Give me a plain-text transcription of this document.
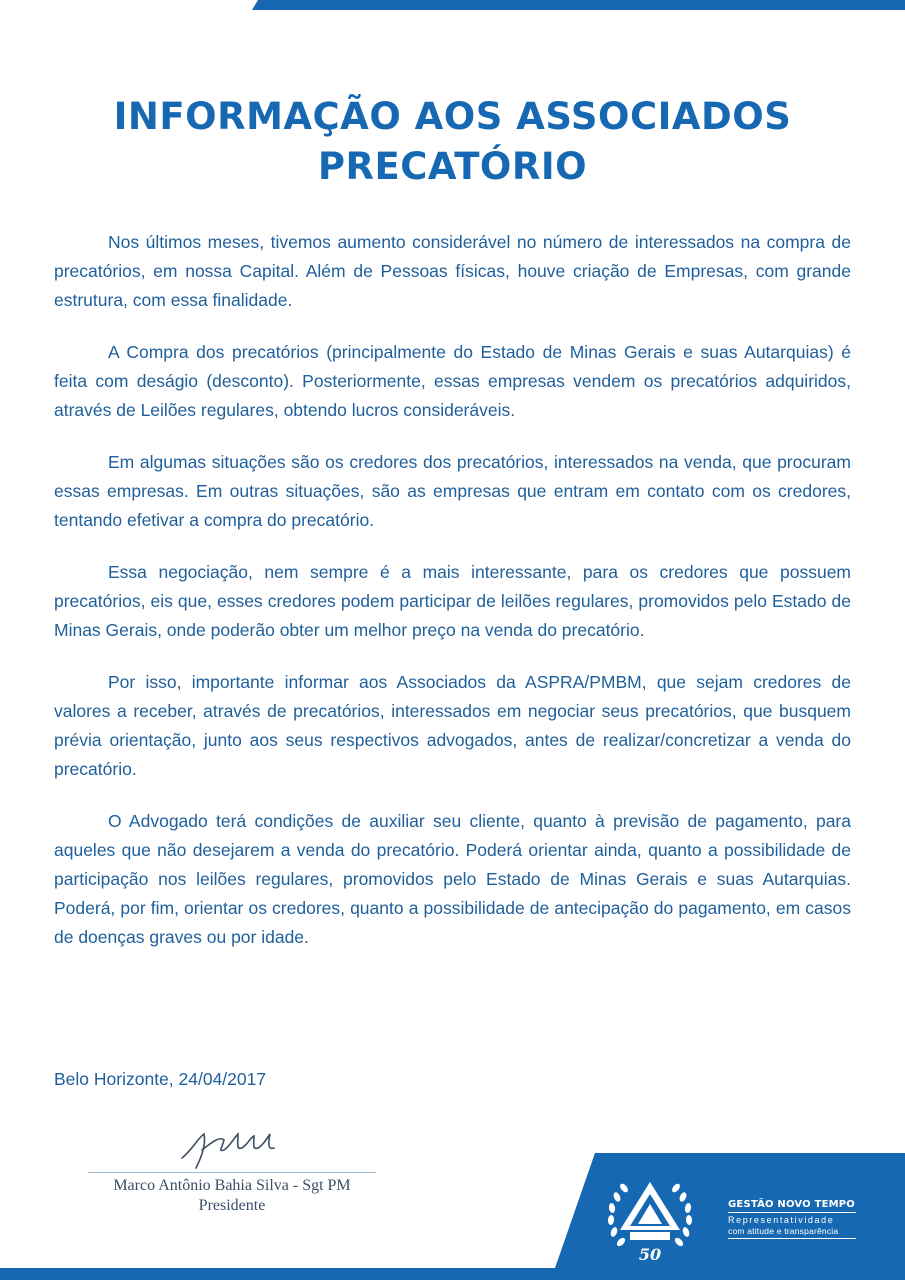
INFORMAÇÃO AOS ASSOCIADOS
PRECATÓRIO

Nos últimos meses, tivemos aumento considerável no número de interessados na compra de precatórios, em nossa Capital. Além de Pessoas físicas, houve criação de Empresas, com grande estrutura, com essa finalidade.

A Compra dos precatórios (principalmente do Estado de Minas Gerais e suas Autarquias) é feita com deságio (desconto). Posteriormente, essas empresas vendem os precatórios adquiridos, através de Leilões regulares, obtendo lucros consideráveis.

Em algumas situações são os credores dos precatórios, interessados na venda, que procuram essas empresas. Em outras situações, são as empresas que entram em contato com os credores, tentando efetivar a compra do precatório.

Essa negociação, nem sempre é a mais interessante, para os credores que possuem precatórios, eis que, esses credores podem participar de leilões regulares, promovidos pelo Estado de Minas Gerais, onde poderão obter um melhor preço na venda do precatório.

Por isso, importante informar aos Associados da ASPRA/PMBM, que sejam credores de valores a receber, através de precatórios, interessados em negociar seus precatórios, que busquem prévia orientação, junto aos seus respectivos advogados, antes de realizar/concretizar a venda do precatório.

O Advogado terá condições de auxiliar seu cliente, quanto à previsão de pagamento, para aqueles que não desejarem a venda do precatório. Poderá orientar ainda, quanto a possibilidade de participação nos leilões regulares, promovidos pelo Estado de Minas Gerais e suas Autarquias. Poderá, por fim, orientar os credores, quanto a possibilidade de antecipação do pagamento, em casos de doenças graves ou por idade.

Belo Horizonte, 24/04/2017
Marco Antônio Bahia Silva - Sgt PM
Presidente
50
GESTÃO NOVO TEMPO
Representatividade
com atitude e transparência
